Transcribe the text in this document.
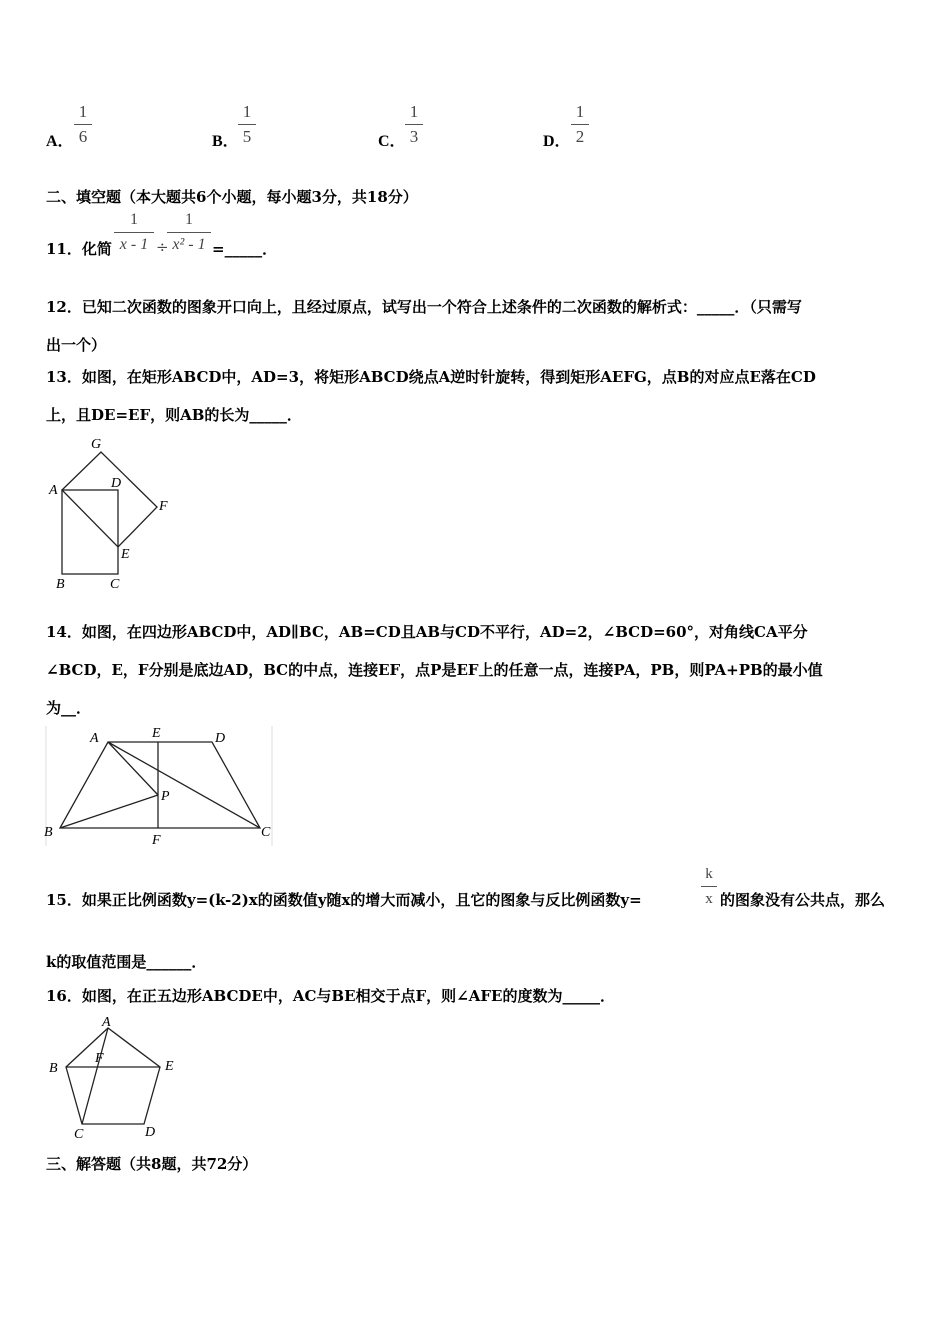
A．
1
6	B．
1
5	C．
1
3	D．
1
2
二、填空题（本大题共6个小题，每小题3分，共18分）
11．化简
1
x - 1 ÷
1
x² - 1 =_____．
12．已知二次函数的图象开口向上，且经过原点，试写出一个符合上述条件的二次函数的解析式：_____．（只需写
出一个）
13．如图，在矩形ABCD中，AD=3，将矩形ABCD绕点A逆时针旋转，得到矩形AEFG，点B的对应点E落在CD
上，且DE=EF，则AB的长为_____．
G
A	D
F
E
B	C
14．如图，在四边形ABCD中，AD∥BC，AB=CD且AB与CD不平行，AD=2，∠BCD=60°，对角线CA平分
∠BCD，E，F分别是底边AD，BC的中点，连接EF，点P是EF上的任意一点，连接PA，PB，则PA+PB的最小值
为__．
A	E	D
P
B
F
C
15．如果正比例函数y=(k-2)x的函数值y随x的增大而减小，且它的图象与反比例函数y=
k
x 的图象没有公共点，那么
k的取值范围是______．
16．如图，在正五边形ABCDE中，AC与BE相交于点F，则∠AFE的度数为_____．
A
B	E
F
C	D
三、解答题（共8题，共72分）
